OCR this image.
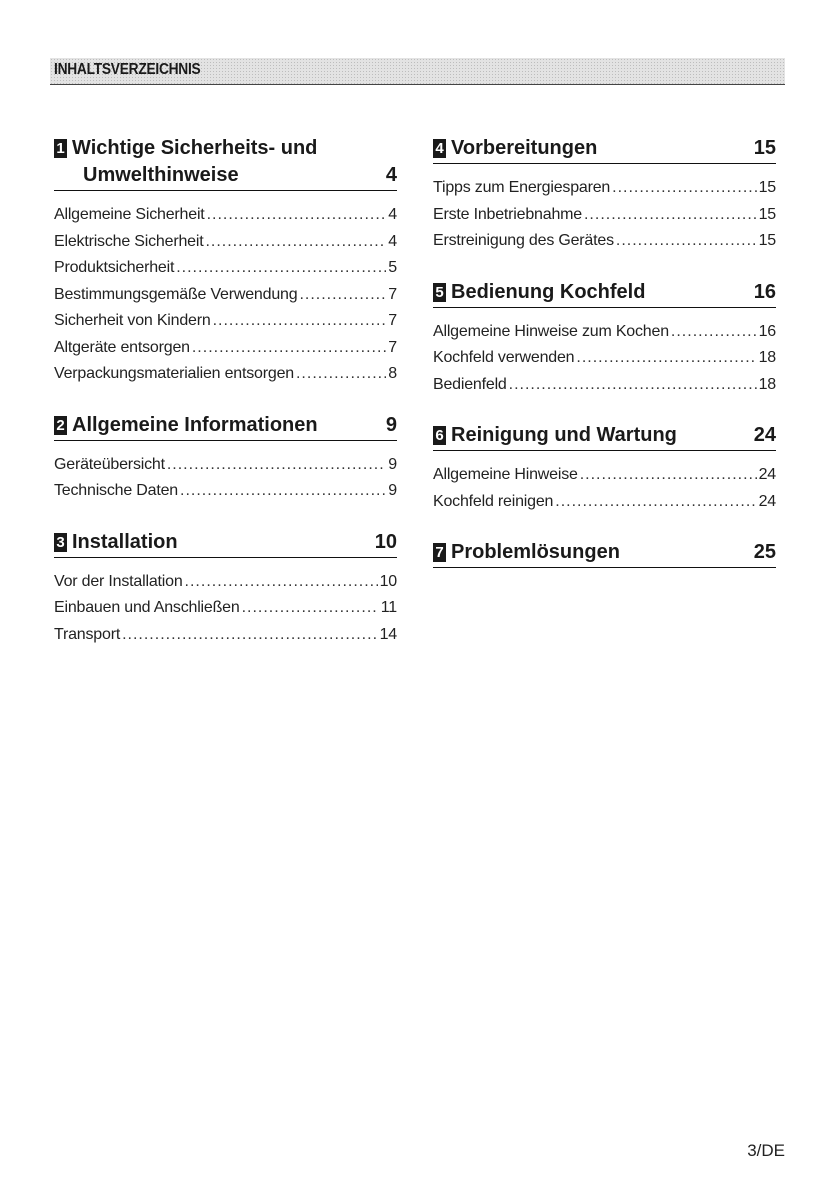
INHALTSVERZEICHNIS
1 Wichtige Sicherheits- und
Umwelthinweise	4
Allgemeine Sicherheit .....	4
Elektrische Sicherheit .....	4
Produktsicherheit .....	5
Bestimmungsgemäße Verwendung .....	7
Sicherheit von Kindern .....	7
Altgeräte entsorgen .....	7
Verpackungsmaterialien entsorgen .....	8
2 Allgemeine Informationen	9
Geräteübersicht .....	9
Technische Daten .....	9
3 Installation	10
Vor der Installation .....	10
Einbauen und Anschließen .....	11
Transport .....	14
4 Vorbereitungen	15
Tipps zum Energiesparen .....	15
Erste Inbetriebnahme .....	15
Erstreinigung des Gerätes .....	15
5 Bedienung Kochfeld	16
Allgemeine Hinweise zum Kochen .....	16
Kochfeld verwenden .....	18
Bedienfeld .....	18
6 Reinigung und Wartung	24
Allgemeine Hinweise .....	24
Kochfeld reinigen .....	24
7 Problemlösungen	25
3/DE
